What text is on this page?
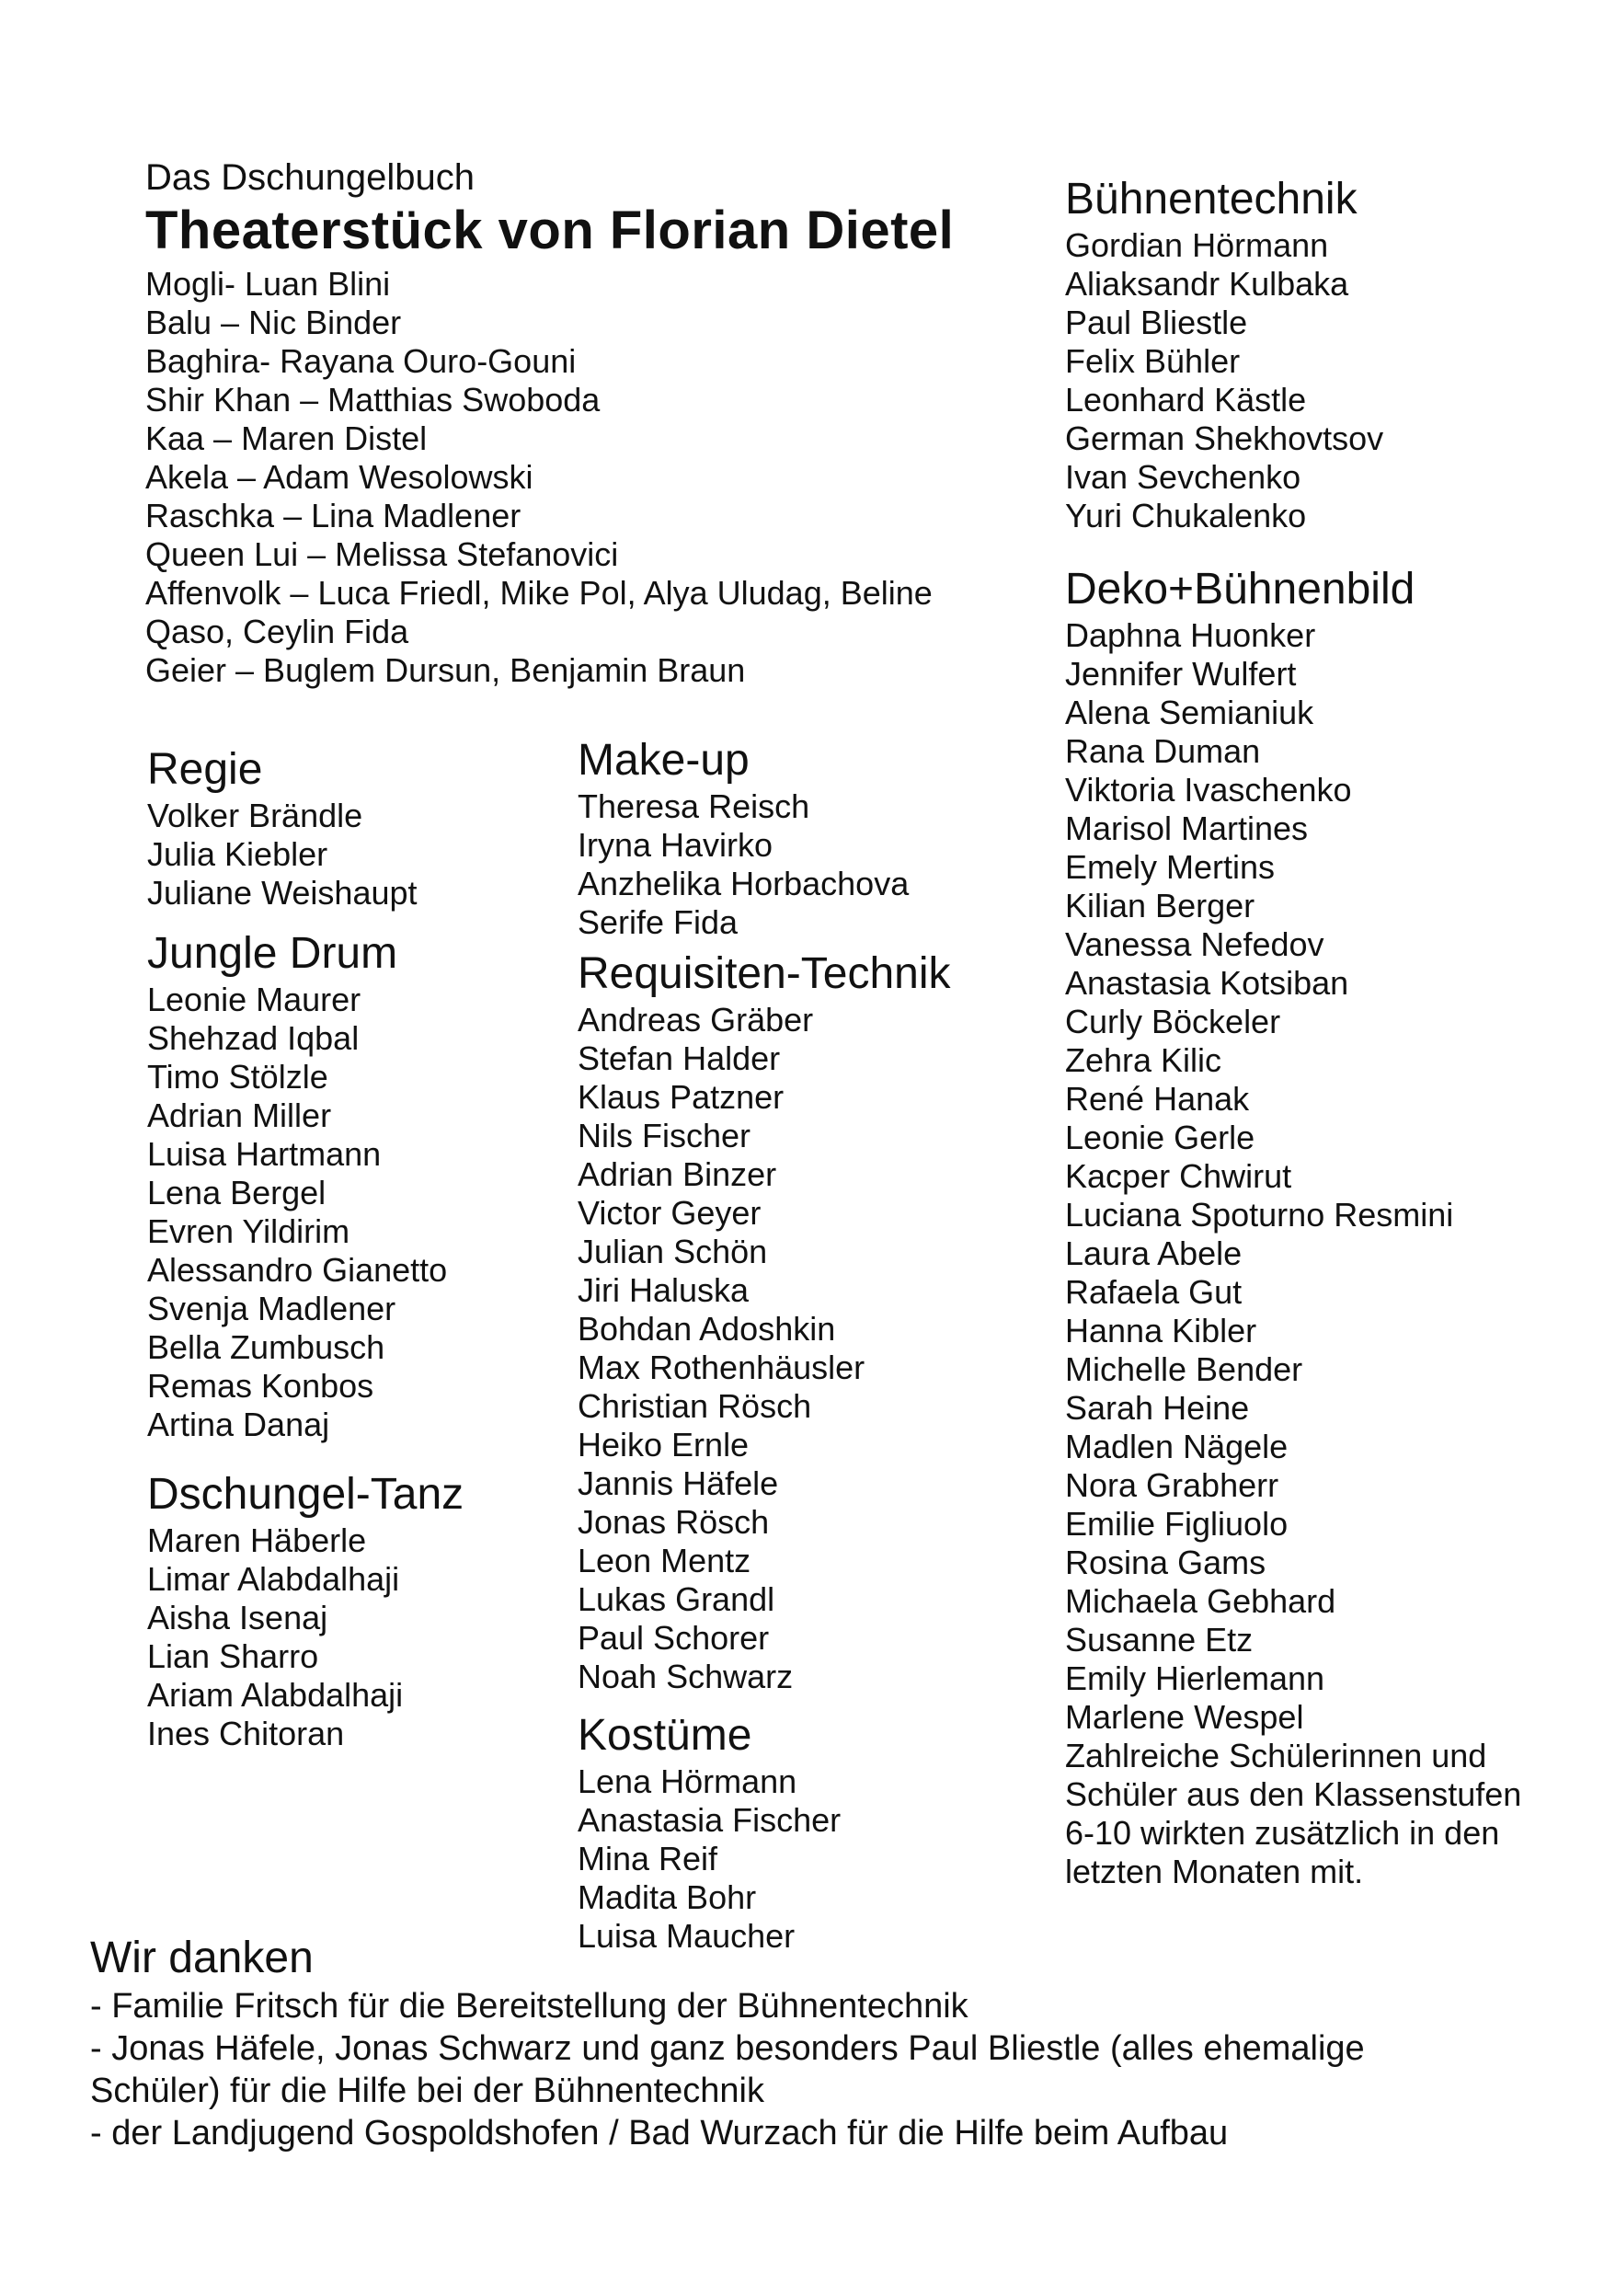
Das Dschungelbuch
Theaterstück von Florian Dietel
Mogli- Luan Blini
Balu – Nic Binder
Baghira- Rayana Ouro-Gouni
Shir Khan – Matthias Swoboda
Kaa – Maren Distel
Akela – Adam Wesolowski
Raschka – Lina Madlener
Queen Lui – Melissa Stefanovici
Affenvolk – Luca Friedl, Mike Pol, Alya Uludag, Beline
Qaso, Ceylin Fida
Geier – Buglem Dursun, Benjamin Braun
Regie
Volker Brändle
Julia Kiebler
Juliane Weishaupt
Jungle Drum
Leonie Maurer
Shehzad Iqbal
Timo Stölzle
Adrian Miller
Luisa Hartmann
Lena Bergel
Evren Yildirim
Alessandro Gianetto
Svenja Madlener
Bella Zumbusch
Remas Konbos
Artina Danaj
Dschungel-Tanz
Maren Häberle
Limar Alabdalhaji
Aisha Isenaj
Lian Sharro
Ariam Alabdalhaji
Ines Chitoran
Make-up
Theresa Reisch
Iryna Havirko
Anzhelika Horbachova
Serife Fida
Requisiten-Technik
Andreas Gräber
Stefan Halder
Klaus Patzner
Nils Fischer
Adrian Binzer
Victor Geyer
Julian Schön
Jiri Haluska
Bohdan Adoshkin
Max Rothenhäusler
Christian Rösch
Heiko Ernle
Jannis Häfele
Jonas Rösch
Leon Mentz
Lukas Grandl
Paul Schorer
Noah Schwarz
Kostüme
Lena Hörmann
Anastasia Fischer
Mina Reif
Madita Bohr
Luisa Maucher
Bühnentechnik
Gordian Hörmann
Aliaksandr Kulbaka
Paul Bliestle
Felix Bühler
Leonhard Kästle
German Shekhovtsov
Ivan Sevchenko
Yuri Chukalenko
Deko+Bühnenbild
Daphna Huonker
Jennifer Wulfert
Alena Semianiuk
Rana Duman
Viktoria Ivaschenko
Marisol Martines
Emely Mertins
Kilian Berger
Vanessa Nefedov
Anastasia Kotsiban
Curly Böckeler
Zehra Kilic
René Hanak
Leonie Gerle
Kacper Chwirut
Luciana Spoturno Resmini
Laura Abele
Rafaela Gut
Hanna Kibler
Michelle Bender
Sarah Heine
Madlen Nägele
Nora Grabherr
Emilie Figliuolo
Rosina Gams
Michaela Gebhard
Susanne Etz
Emily Hierlemann
Marlene Wespel
Zahlreiche Schülerinnen und
Schüler aus den Klassenstufen
6-10 wirkten zusätzlich in den
letzten Monaten mit.
Wir danken
- Familie Fritsch für die Bereitstellung der Bühnentechnik
- Jonas Häfele, Jonas Schwarz und ganz besonders Paul Bliestle (alles ehemalige
Schüler) für die Hilfe bei der Bühnentechnik
- der Landjugend Gospoldshofen / Bad Wurzach für die Hilfe beim Aufbau
